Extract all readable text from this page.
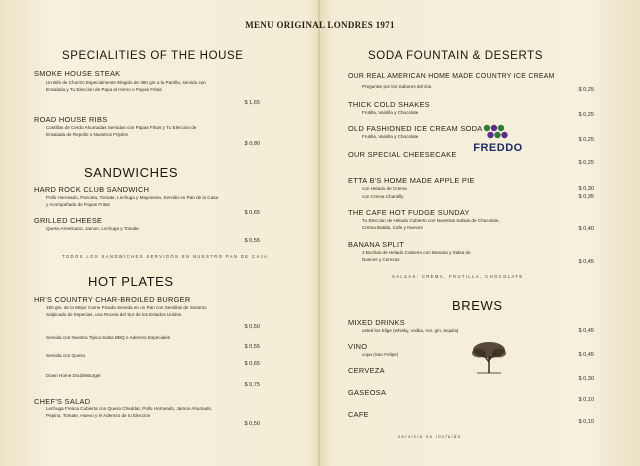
MENU ORIGINAL LONDRES 1971
SPECIALITIES OF THE HOUSE
SMOKE HOUSE STEAK
Un Bife de Chorizo Especialmente Elegido de 380 grs a la Parrilla, servido con
Ensalada y Tu Eleccion de Papa al Horno o Papas Fritas
$ 1,65
ROAD HOUSE RIBS
Costillas de Cerdo Ahumadas Servidas con Papas Fritas y Tu Eleccion de
Ensalada de Repollo o Nuestros Frijoles
$ 0,80
SANDWICHES
HARD ROCK CLUB SANDWICH
Pollo Horneado, Panceta, Tomate, Lechuga y Mayonesa, Servido en Pan de la Casa
y Acompañado de Papas Fritas
$ 0,65
GRILLED CHEESE
Queso Americano, Jamon, Lechuga y Tomate
$ 0,55
TODOS LOS SANDWICHES SERVIDOS EN NUESTRO PAN DE CAJA
HOT PLATES
HR'S COUNTRY CHAR-BROILED BURGER
150 grs. de la Mejor Carne Picada Servida en un Pan con Semillas de Sesamo
Salpicado de Especias, una Receta del Sur de los Estados Unidos
$ 0,50
Servida con Nuestra Tipica Salsa BBQ o Aderezo Especiales
$ 0,55
Servida con Queso
$ 0,65
Down Home DoubleBurger
$ 0,75
CHEF'S SALAD
Lechuga Fresca Cubierta con Queso Cheddar, Pollo Horneado, Jamon Ahumado,
Pepino, Tomate, Huevo y el Aderezo de tu Eleccion
$ 0,50
SODA FOUNTAIN & DESERTS
OUR REAL AMERICAN HOME MADE COUNTRY ICE CREAM
Preguntar por los Sabores del Dia
$ 0,25
THICK COLD SHAKES
Frutilla, Vainilla y Chocolate	$ 0,25
OLD FASHIONED ICE CREAM SODA
Frutilla, Vainilla y Chocolate
$ 0,25
OUR SPECIAL CHEESECAKE
$ 0,25
ETTA B'S HOME MADE APPLE PIE
con Helado de Crema	$ 0,30
con Crema Chantilly	$ 0,35
THE CAFE HOT FUDGE SUNDAY
Tu Eleccion de Helado Cubierto con Nuestras Salsas de Chocolate,
Crema Batida, Cafe y Nueces	$ 0,40
BANANA SPLIT
3 Bochas de Helado Cubierto con Banana y Salsa de
Nueces y Cerezas	$ 0,45
SALSAS: CREMA, FRUTILLA, CHOCOLATE
BREWS
MIXED DRINKS
usted los Elige (whisky, vodka, ron, gin, tequila)	$ 0,45
VINO
copa (San Felipe)	$ 0,45
CERVEZA
$ 0,30
GASEOSA
$ 0,10
CAFE
$ 0,10
servicio no incluido
FREDDO
